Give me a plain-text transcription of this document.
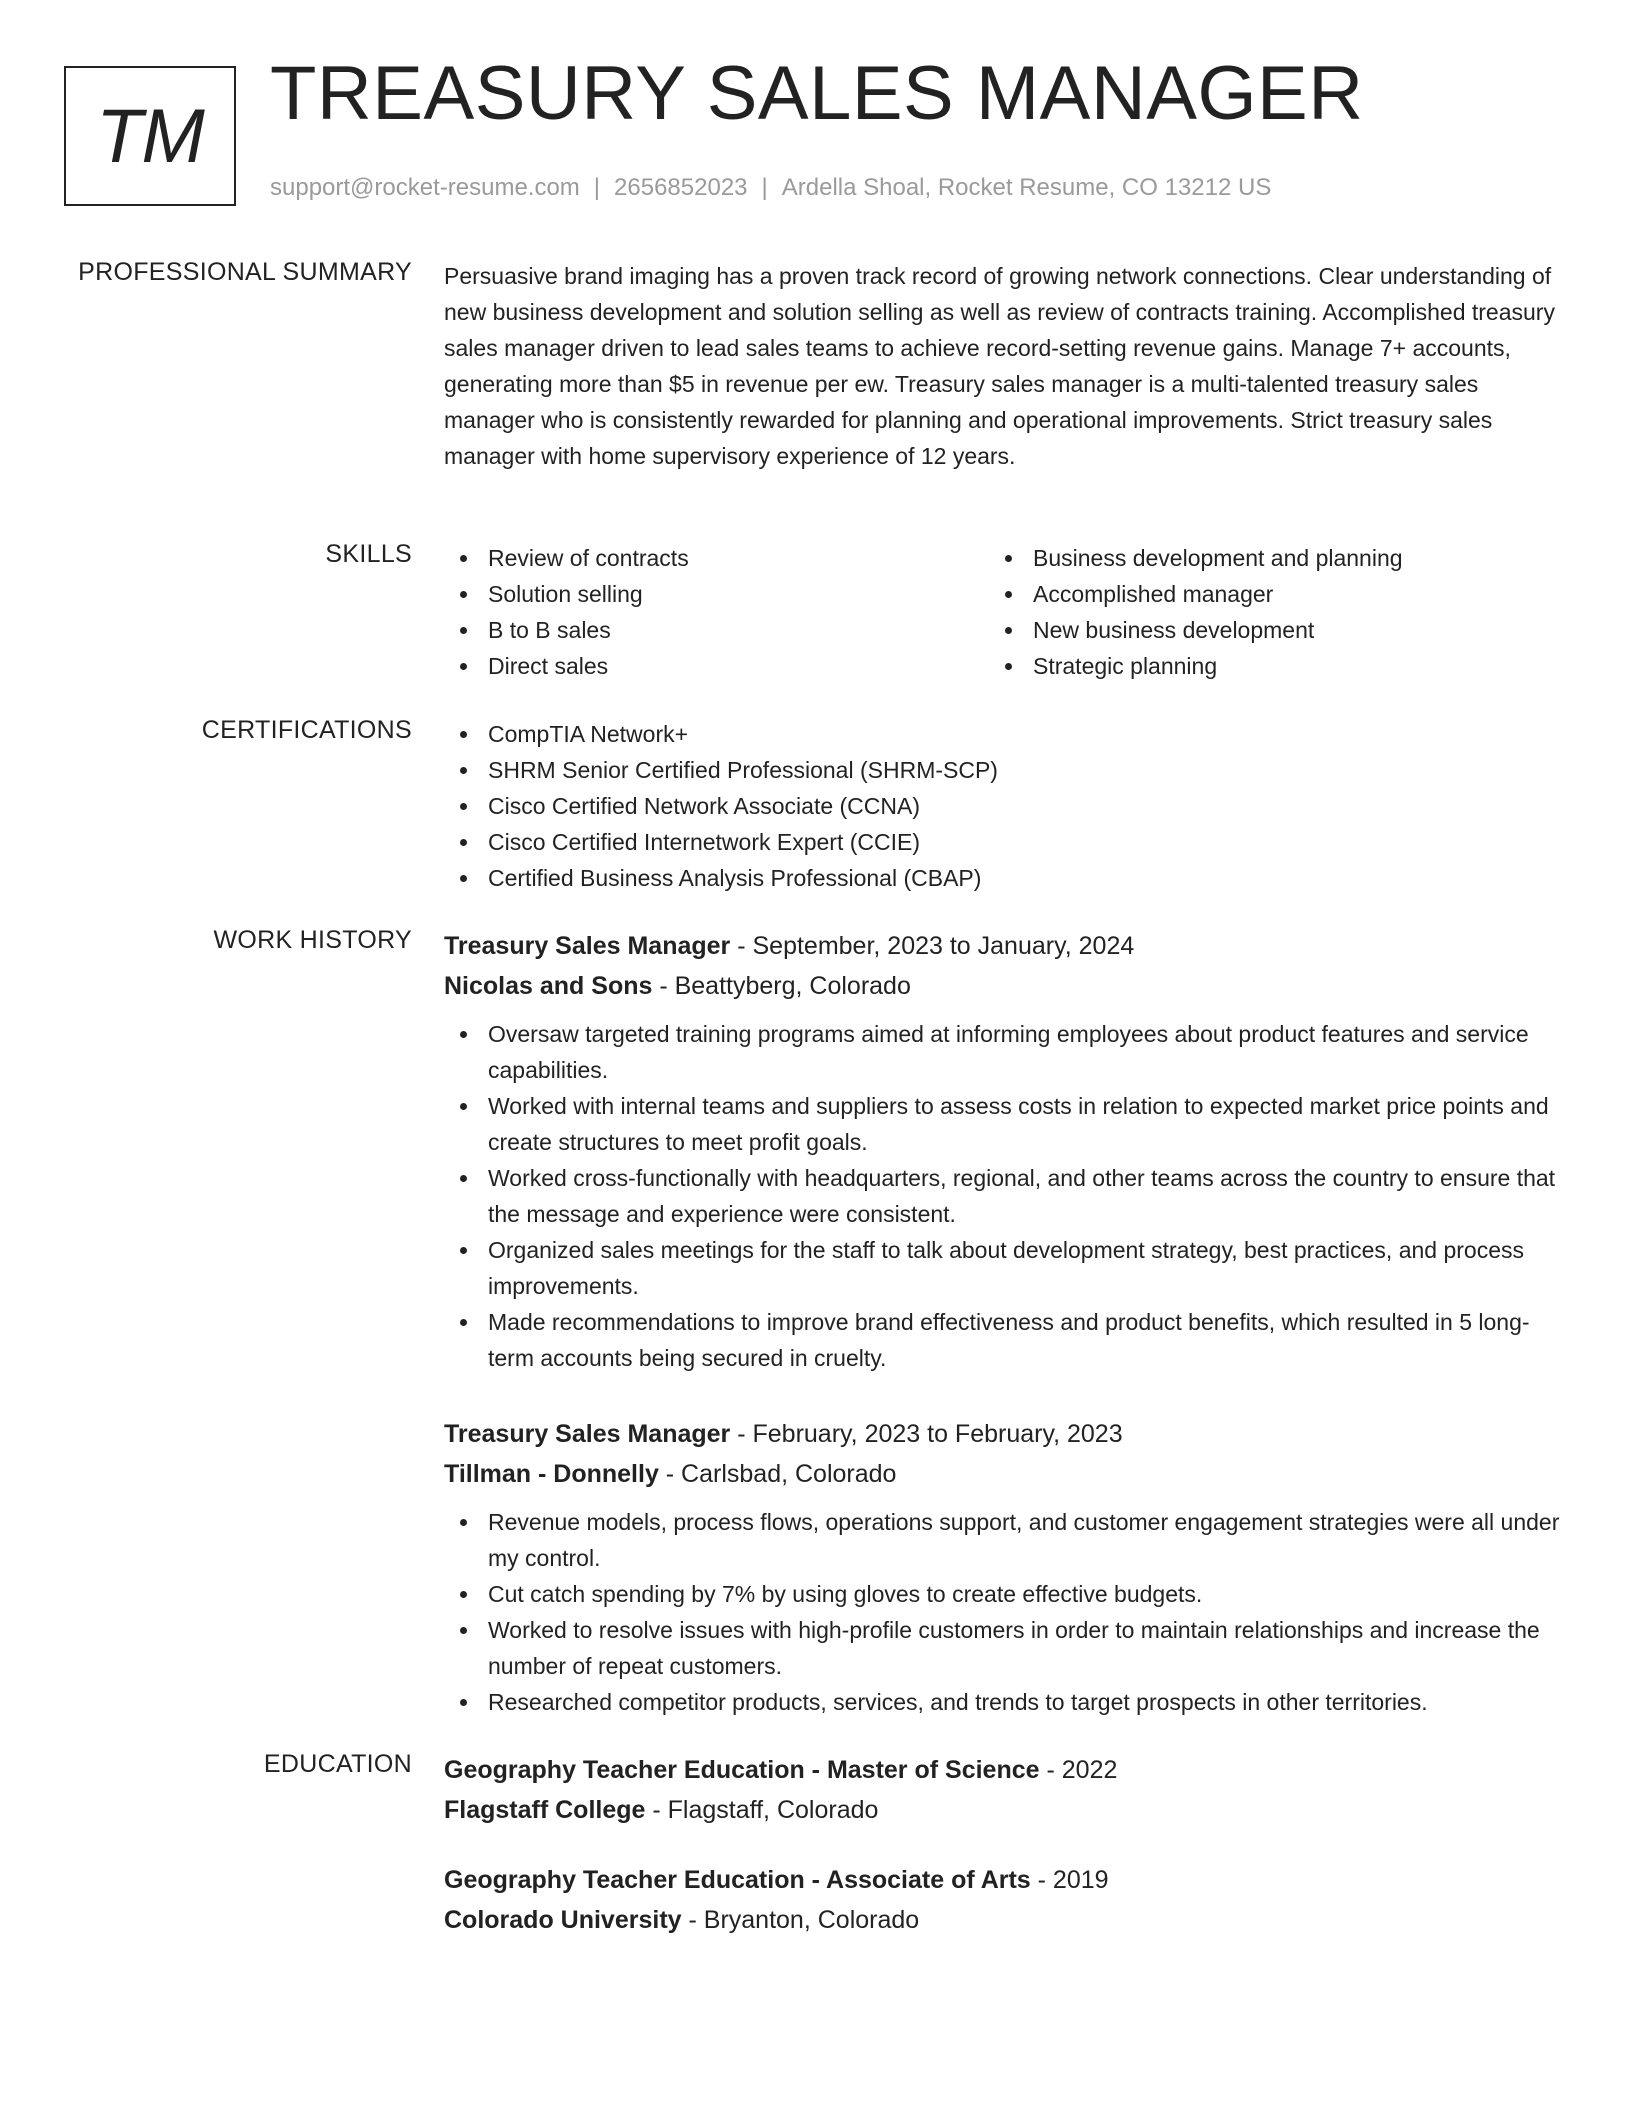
TM TREASURY SALES MANAGER
support@rocket-resume.com | 2656852023 | Ardella Shoal, Rocket Resume, CO 13212 US
PROFESSIONAL SUMMARY Persuasive brand imaging has a proven track record of growing network connections. Clear understanding of new business development and solution selling as well as review of contracts training. Accomplished treasury sales manager driven to lead sales teams to achieve record-setting revenue gains. Manage 7+ accounts, generating more than $5 in revenue per ew. Treasury sales manager is a multi-talented treasury sales manager who is consistently rewarded for planning and operational improvements. Strict treasury sales manager with home supervisory experience of 12 years.

SKILLS	Review of contracts
Solution selling
B to B sales
Direct sales
Business development and planning
Accomplished manager
New business development
Strategic planning
CERTIFICATIONS	CompTIA Network+
SHRM Senior Certified Professional (SHRM-SCP)
Cisco Certified Network Associate (CCNA)
Cisco Certified Internetwork Expert (CCIE)
Certified Business Analysis Professional (CBAP)
WORK HISTORY Treasury Sales Manager - September, 2023 to January, 2024
Nicolas and Sons - Beattyberg, Colorado
Oversaw targeted training programs aimed at informing employees about product features and service capabilities.
Worked with internal teams and suppliers to assess costs in relation to expected market price points and create structures to meet profit goals.
Worked cross-functionally with headquarters, regional, and other teams across the country to ensure that the message and experience were consistent.
Organized sales meetings for the staff to talk about development strategy, best practices, and process improvements.
Made recommendations to improve brand effectiveness and product benefits, which resulted in 5 long-term accounts being secured in cruelty.
Treasury Sales Manager - February, 2023 to February, 2023
Tillman - Donnelly - Carlsbad, Colorado
Revenue models, process flows, operations support, and customer engagement strategies were all under my control.
Cut catch spending by 7% by using gloves to create effective budgets.
Worked to resolve issues with high-profile customers in order to maintain relationships and increase the number of repeat customers.
Researched competitor products, services, and trends to target prospects in other territories.
EDUCATION Geography Teacher Education - Master of Science - 2022
Flagstaff College - Flagstaff, Colorado
Geography Teacher Education - Associate of Arts - 2019
Colorado University - Bryanton, Colorado
